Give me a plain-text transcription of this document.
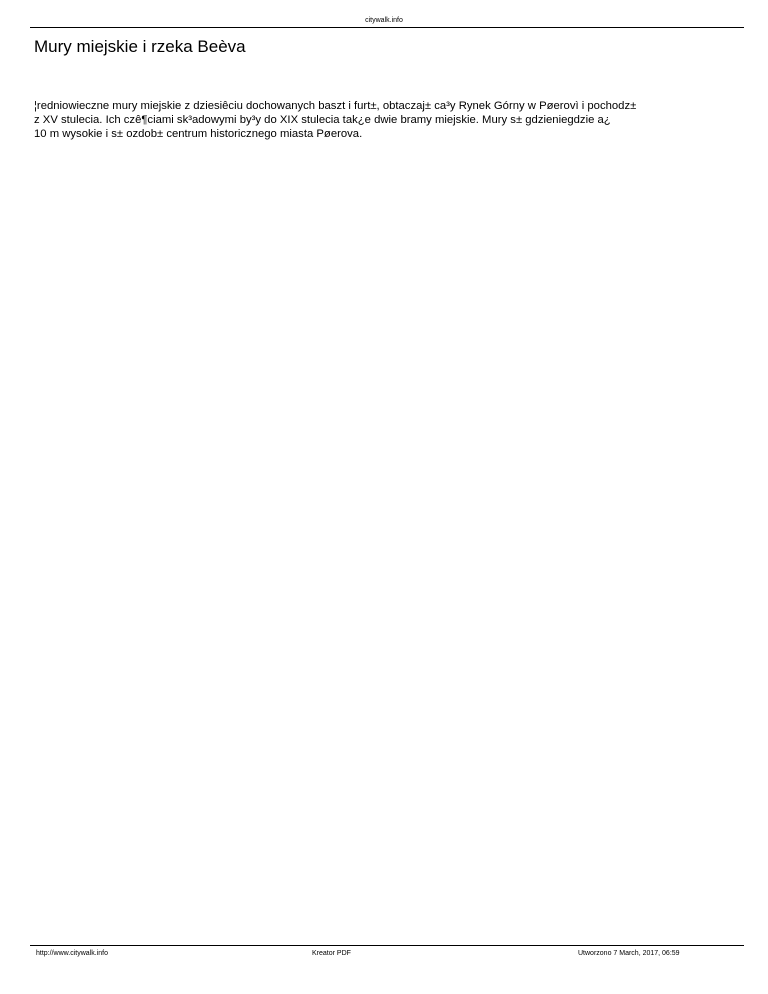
citywalk.info
Mury miejskie i rzeka Beèva

¦redniowieczne mury miejskie z dziesiêciu dochowanych baszt i furt±, obtaczaj± ca³y Rynek Górny w Pøerovì i pochodz±
z XV stulecia. Ich czê¶ciami sk³adowymi by³y do XIX stulecia tak¿e dwie bramy miejskie. Mury s± gdzieniegdzie a¿
10 m wysokie i s± ozdob± centrum historicznego miasta Pøerova.

http://www.citywalk.info	Kreator PDF	Utworzono 7 March, 2017, 06:59
